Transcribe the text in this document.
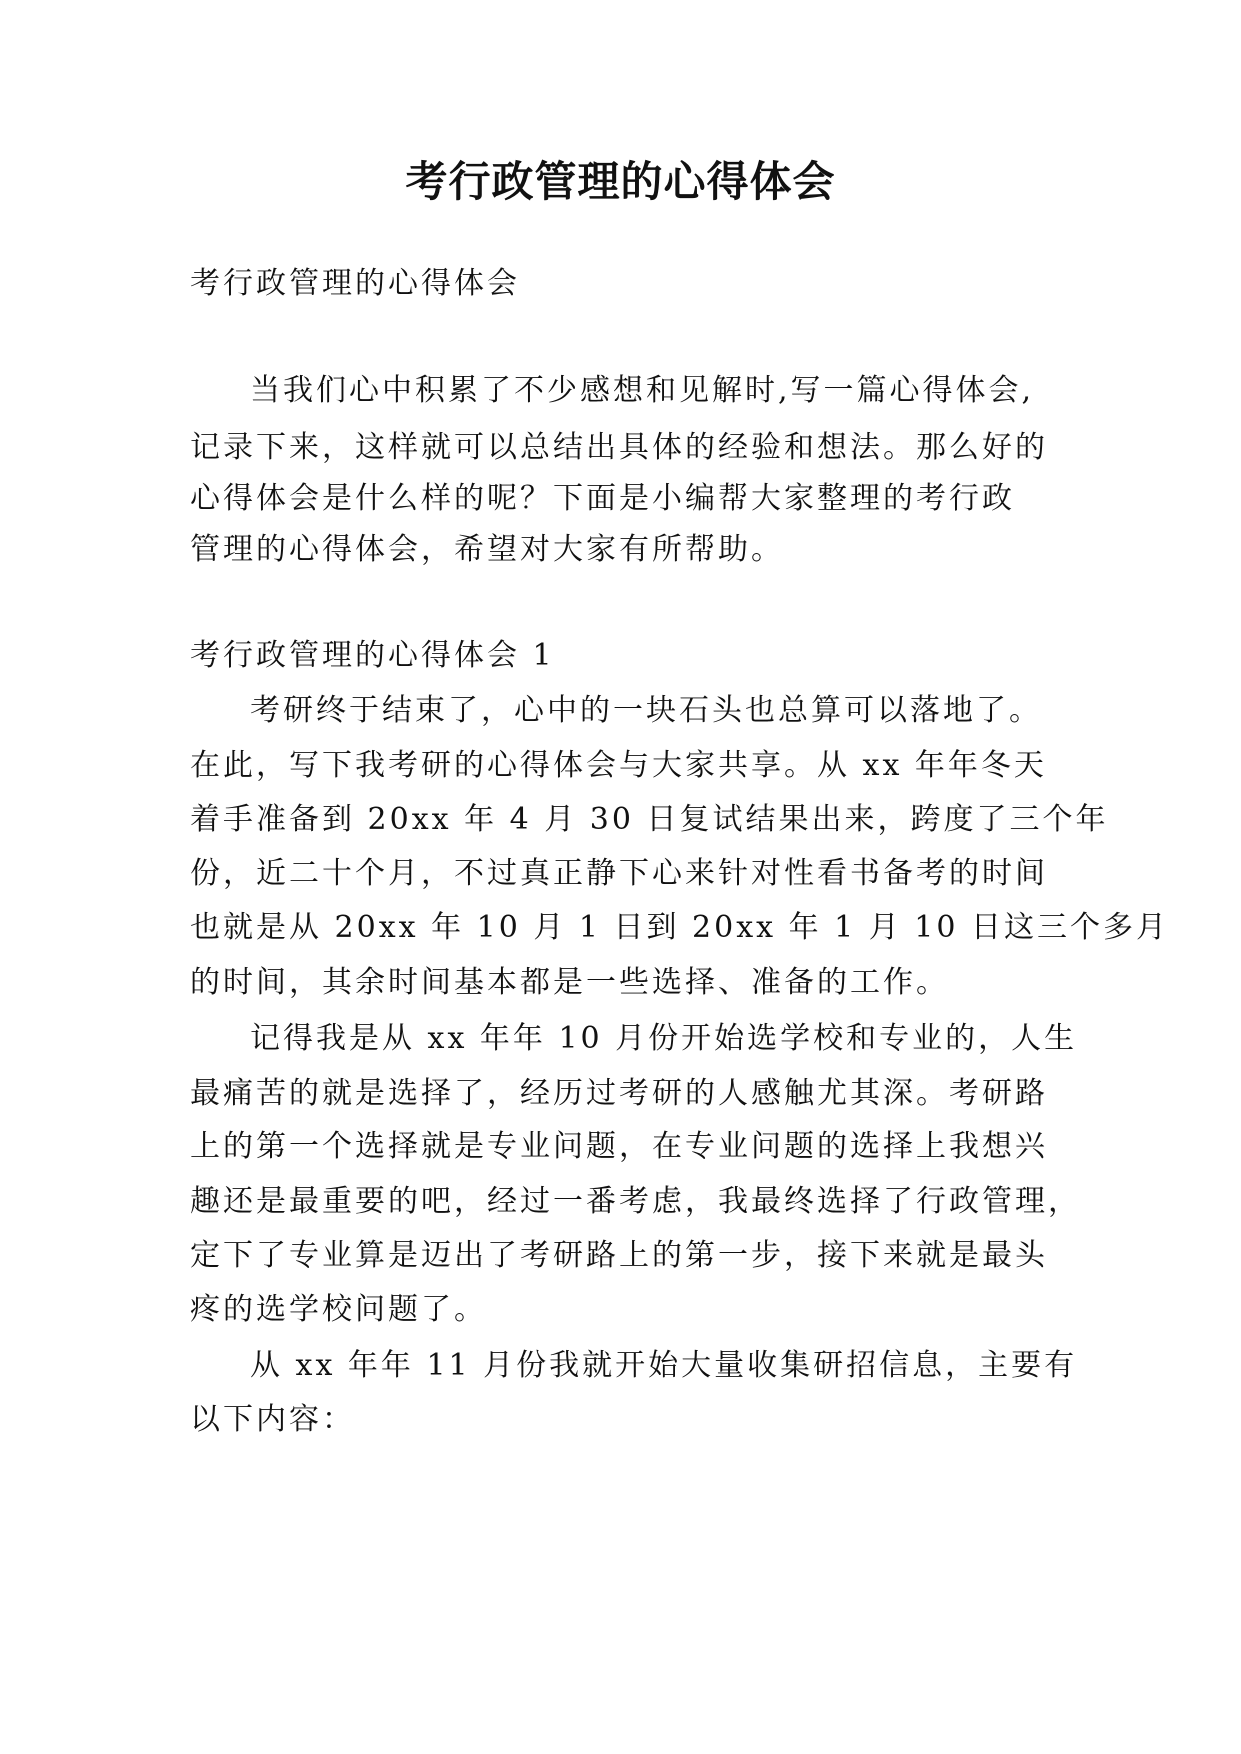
考行政管理的心得体会

考行政管理的心得体会

当我们心中积累了不少感想和见解时,写一篇心得体会,

记录下来，这样就可以总结出具体的经验和想法。那么好的

心得体会是什么样的呢？下面是小编帮大家整理的考行政

管理的心得体会，希望对大家有所帮助。

考行政管理的心得体会 1

考研终于结束了，心中的一块石头也总算可以落地了。

在此，写下我考研的心得体会与大家共享。从 xx 年年冬天

着手准备到 20xx 年 4 月 30 日复试结果出来，跨度了三个年

份，近二十个月，不过真正静下心来针对性看书备考的时间

也就是从 20xx 年 10 月 1 日到 20xx 年 1 月 10 日这三个多月

的时间，其余时间基本都是一些选择、准备的工作。

记得我是从 xx 年年 10 月份开始选学校和专业的，人生

最痛苦的就是选择了，经历过考研的人感触尤其深。考研路

上的第一个选择就是专业问题，在专业问题的选择上我想兴

趣还是最重要的吧，经过一番考虑，我最终选择了行政管理，

定下了专业算是迈出了考研路上的第一步，接下来就是最头

疼的选学校问题了。

从 xx 年年 11 月份我就开始大量收集研招信息，主要有

以下内容：
